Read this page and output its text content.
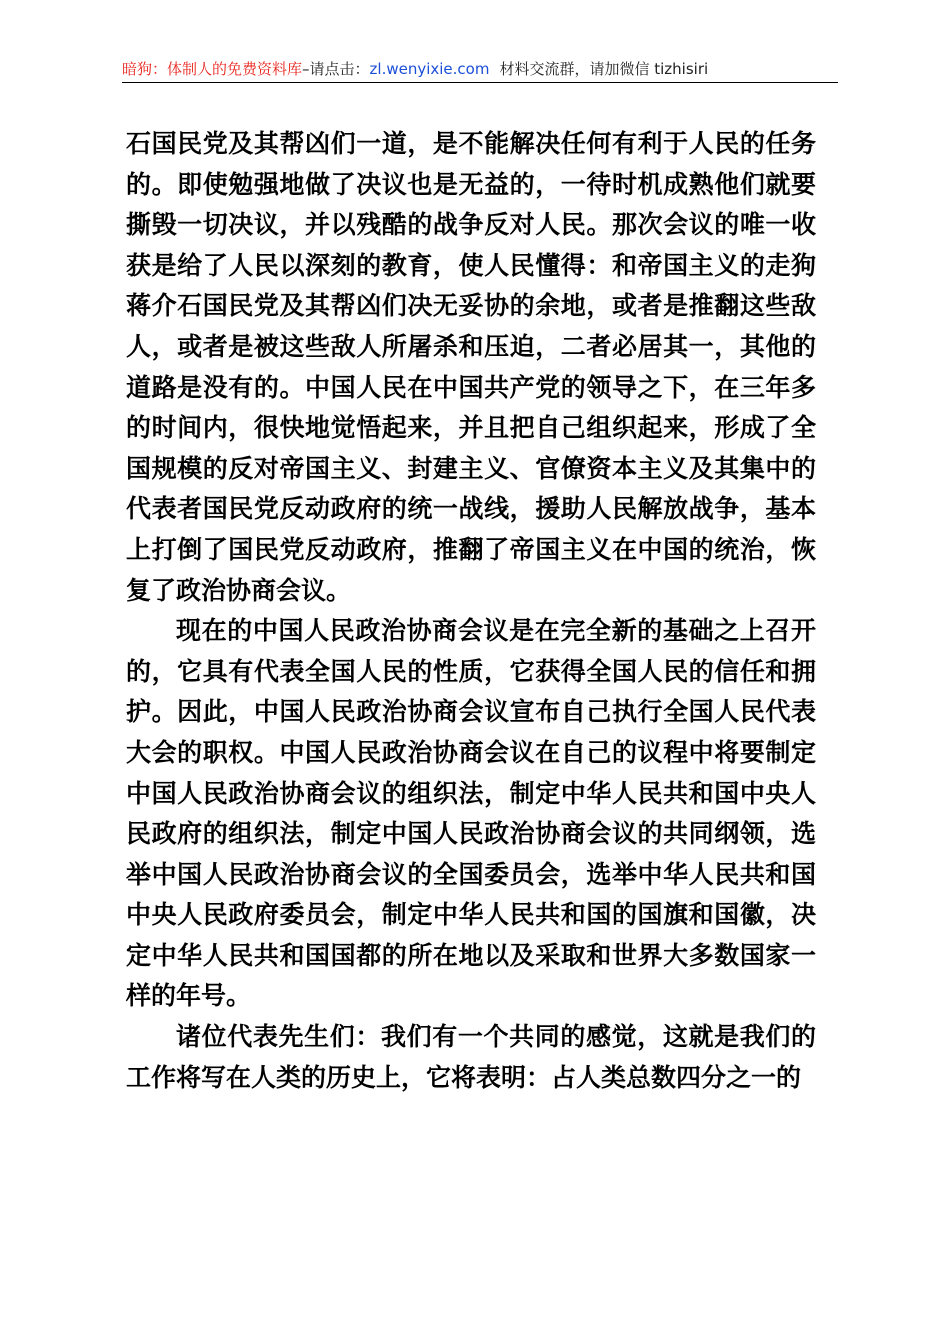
暗狗：体制人的免费资料库–请点击：zl.wenyixie.com 材料交流群，请加微信 tizhisiri

石国民党及其帮凶们一道，是不能解决任何有利于人民的任务的。即使勉强地做了决议也是无益的，一待时机成熟他们就要撕毁一切决议，并以残酷的战争反对人民。那次会议的唯一收获是给了人民以深刻的教育，使人民懂得：和帝国主义的走狗蒋介石国民党及其帮凶们决无妥协的余地，或者是推翻这些敌人，或者是被这些敌人所屠杀和压迫，二者必居其一，其他的道路是没有的。中国人民在中国共产党的领导之下，在三年多的时间内，很快地觉悟起来，并且把自己组织起来，形成了全国规模的反对帝国主义、封建主义、官僚资本主义及其集中的代表者国民党反动政府的统一战线，援助人民解放战争，基本上打倒了国民党反动政府，推翻了帝国主义在中国的统治，恢复了政治协商会议。

现在的中国人民政治协商会议是在完全新的基础之上召开的，它具有代表全国人民的性质，它获得全国人民的信任和拥护。因此，中国人民政治协商会议宣布自己执行全国人民代表大会的职权。中国人民政治协商会议在自己的议程中将要制定中国人民政治协商会议的组织法，制定中华人民共和国中央人民政府的组织法，制定中国人民政治协商会议的共同纲领，选举中国人民政治协商会议的全国委员会，选举中华人民共和国中央人民政府委员会，制定中华人民共和国的国旗和国徽，决定中华人民共和国国都的所在地以及采取和世界大多数国家一样的年号。

诸位代表先生们：我们有一个共同的感觉，这就是我们的工作将写在人类的历史上，它将表明：占人类总数四分之一的
